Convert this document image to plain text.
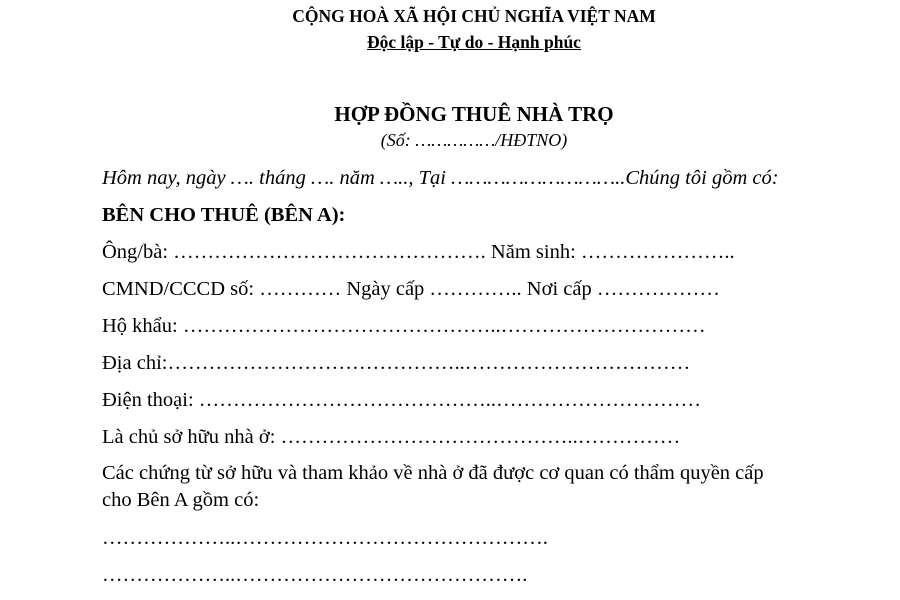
CỘNG HOÀ XÃ HỘI CHỦ NGHĨA VIỆT NAM
Độc lập - Tự do - Hạnh phúc
HỢP ĐỒNG THUÊ NHÀ TRỌ
(Số: ……………/HĐTNO)
Hôm nay, ngày …. tháng …. năm ….., Tại ………………………..Chúng tôi gồm có:
BÊN CHO THUÊ (BÊN A):
Ông/bà: ………………………………………. Năm sinh: …………………..
CMND/CCCD số: ………… Ngày cấp ………….. Nơi cấp ………………
Hộ khẩu: ………………………………………..…………………………
Địa chỉ:……………………………………..……………………………
Điện thoại: ……………………………………..…………………………
Là chủ sở hữu nhà ở: ……………………………………..……………
Các chứng từ sở hữu và tham khảo về nhà ở đã được cơ quan có thẩm quyền cấp
cho Bên A gồm có:
………………..……………………………………….
………………..…………………………………….
